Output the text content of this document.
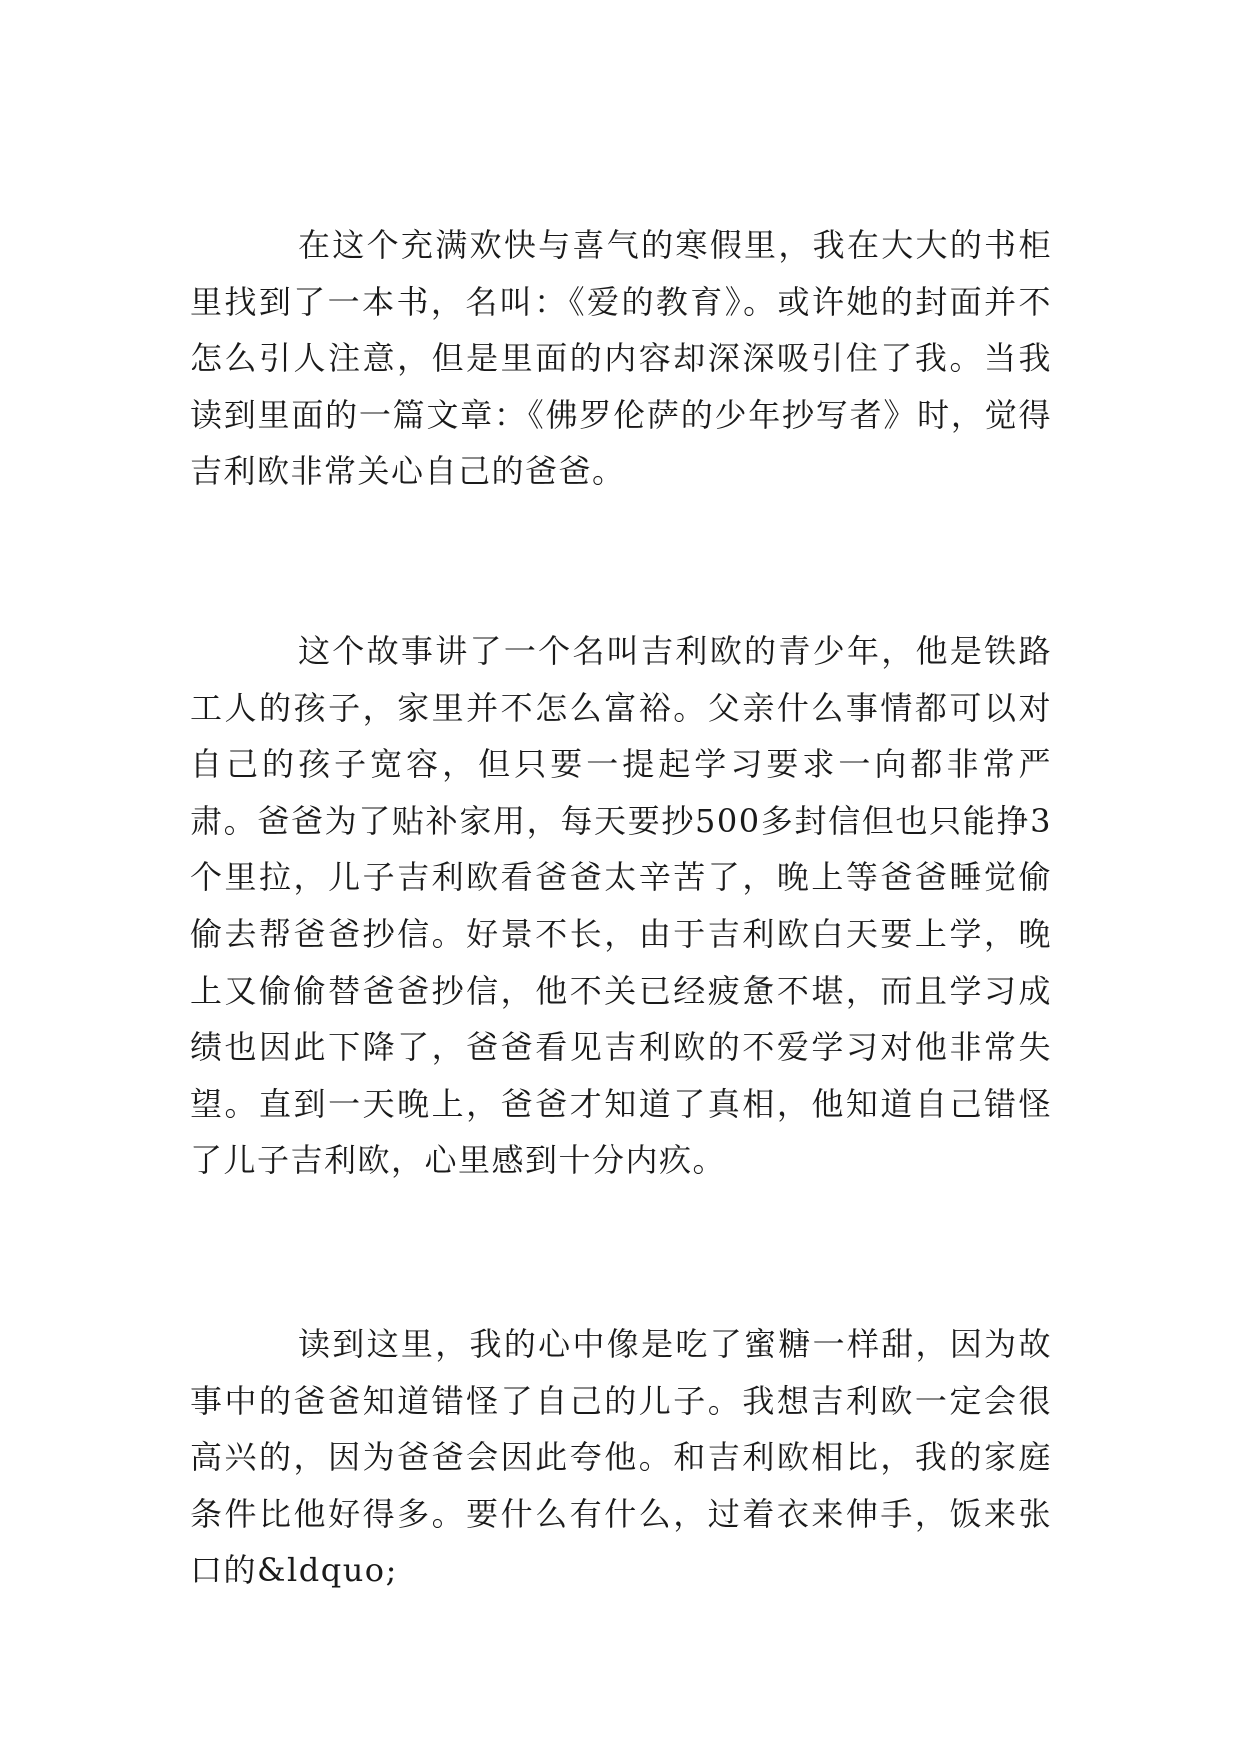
在这个充满欢快与喜气的寒假里，我在大大的书柜里找到了一本书，名叫：《爱的教育》。或许她的封面并不怎么引人注意，但是里面的内容却深深吸引住了我。当我读到里面的一篇文章：《佛罗伦萨的少年抄写者》时，觉得吉利欧非常关心自己的爸爸。

这个故事讲了一个名叫吉利欧的青少年，他是铁路工人的孩子，家里并不怎么富裕。父亲什么事情都可以对自己的孩子宽容，但只要一提起学习要求一向都非常严肃。爸爸为了贴补家用，每天要抄500多封信但也只能挣3个里拉，儿子吉利欧看爸爸太辛苦了，晚上等爸爸睡觉偷偷去帮爸爸抄信。好景不长，由于吉利欧白天要上学，晚上又偷偷替爸爸抄信，他不关已经疲惫不堪，而且学习成绩也因此下降了，爸爸看见吉利欧的不爱学习对他非常失望。直到一天晚上，爸爸才知道了真相，他知道自己错怪了儿子吉利欧，心里感到十分内疚。

读到这里，我的心中像是吃了蜜糖一样甜，因为故事中的爸爸知道错怪了自己的儿子。我想吉利欧一定会很高兴的，因为爸爸会因此夸他。和吉利欧相比，我的家庭条件比他好得多。要什么有什么，过着衣来伸手，饭来张口的&ldquo;
